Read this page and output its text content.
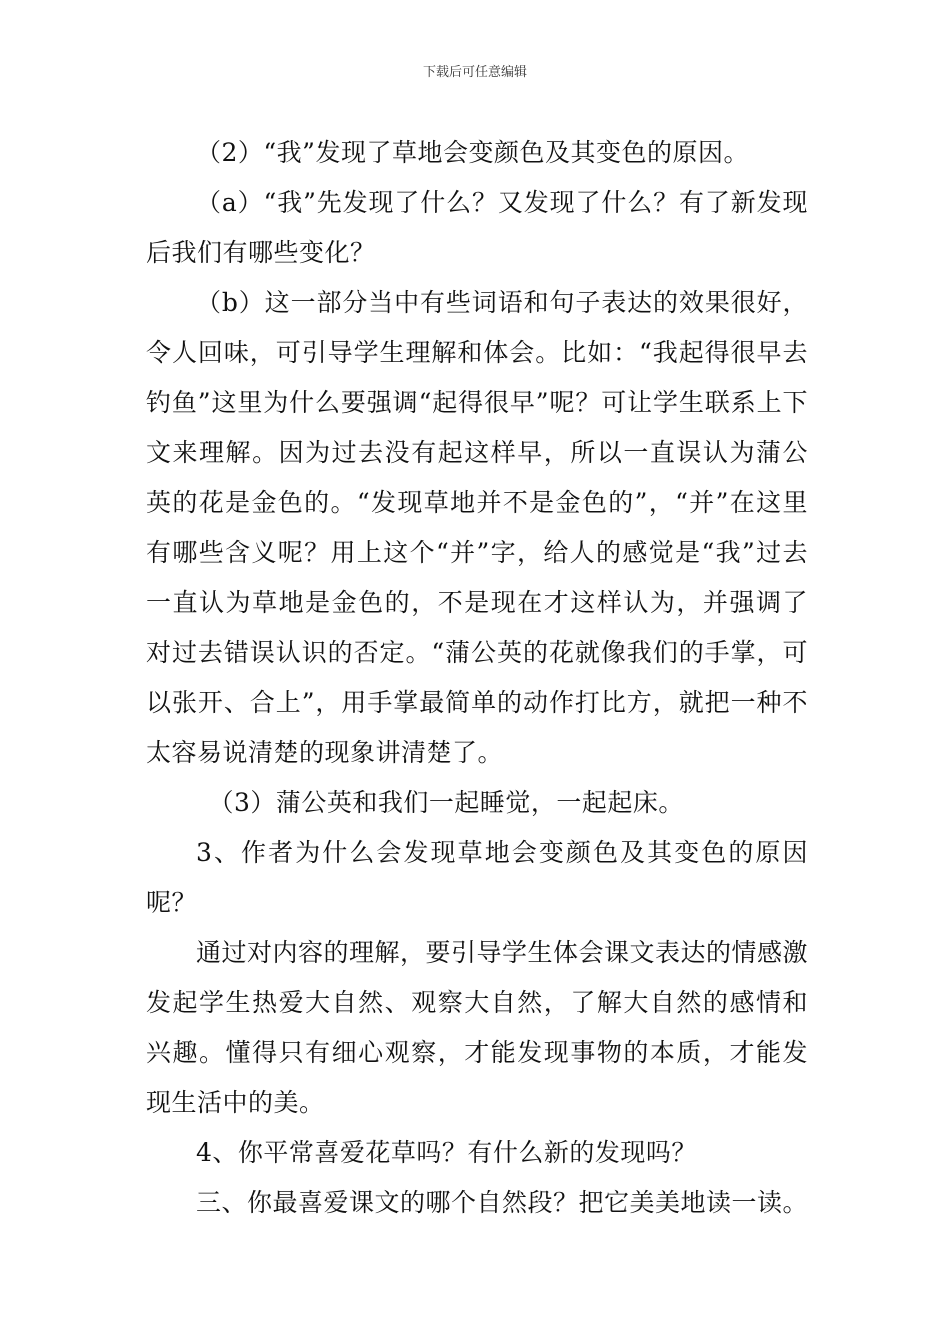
下载后可任意编辑

（2）“我”发现了草地会变颜色及其变色的原因。

（a）“我”先发现了什么？又发现了什么？有了新发现后我们有哪些变化？

（b）这一部分当中有些词语和句子表达的效果很好，令人回味，可引导学生理解和体会。比如：“我起得很早去钓鱼”这里为什么要强调“起得很早”呢？可让学生联系上下文来理解。因为过去没有起这样早，所以一直误认为蒲公英的花是金色的。“发现草地并不是金色的”，“并”在这里有哪些含义呢？用上这个“并”字，给人的感觉是“我”过去一直认为草地是金色的，不是现在才这样认为，并强调了对过去错误认识的否定。“蒲公英的花就像我们的手掌，可以张开、合上”，用手掌最简单的动作打比方，就把一种不太容易说清楚的现象讲清楚了。

（3）蒲公英和我们一起睡觉，一起起床。

3、作者为什么会发现草地会变颜色及其变色的原因呢？

通过对内容的理解，要引导学生体会课文表达的情感激发起学生热爱大自然、观察大自然，了解大自然的感情和兴趣。懂得只有细心观察，才能发现事物的本质，才能发现生活中的美。

4、你平常喜爱花草吗？有什么新的发现吗？

三、你最喜爱课文的哪个自然段？把它美美地读一读。
